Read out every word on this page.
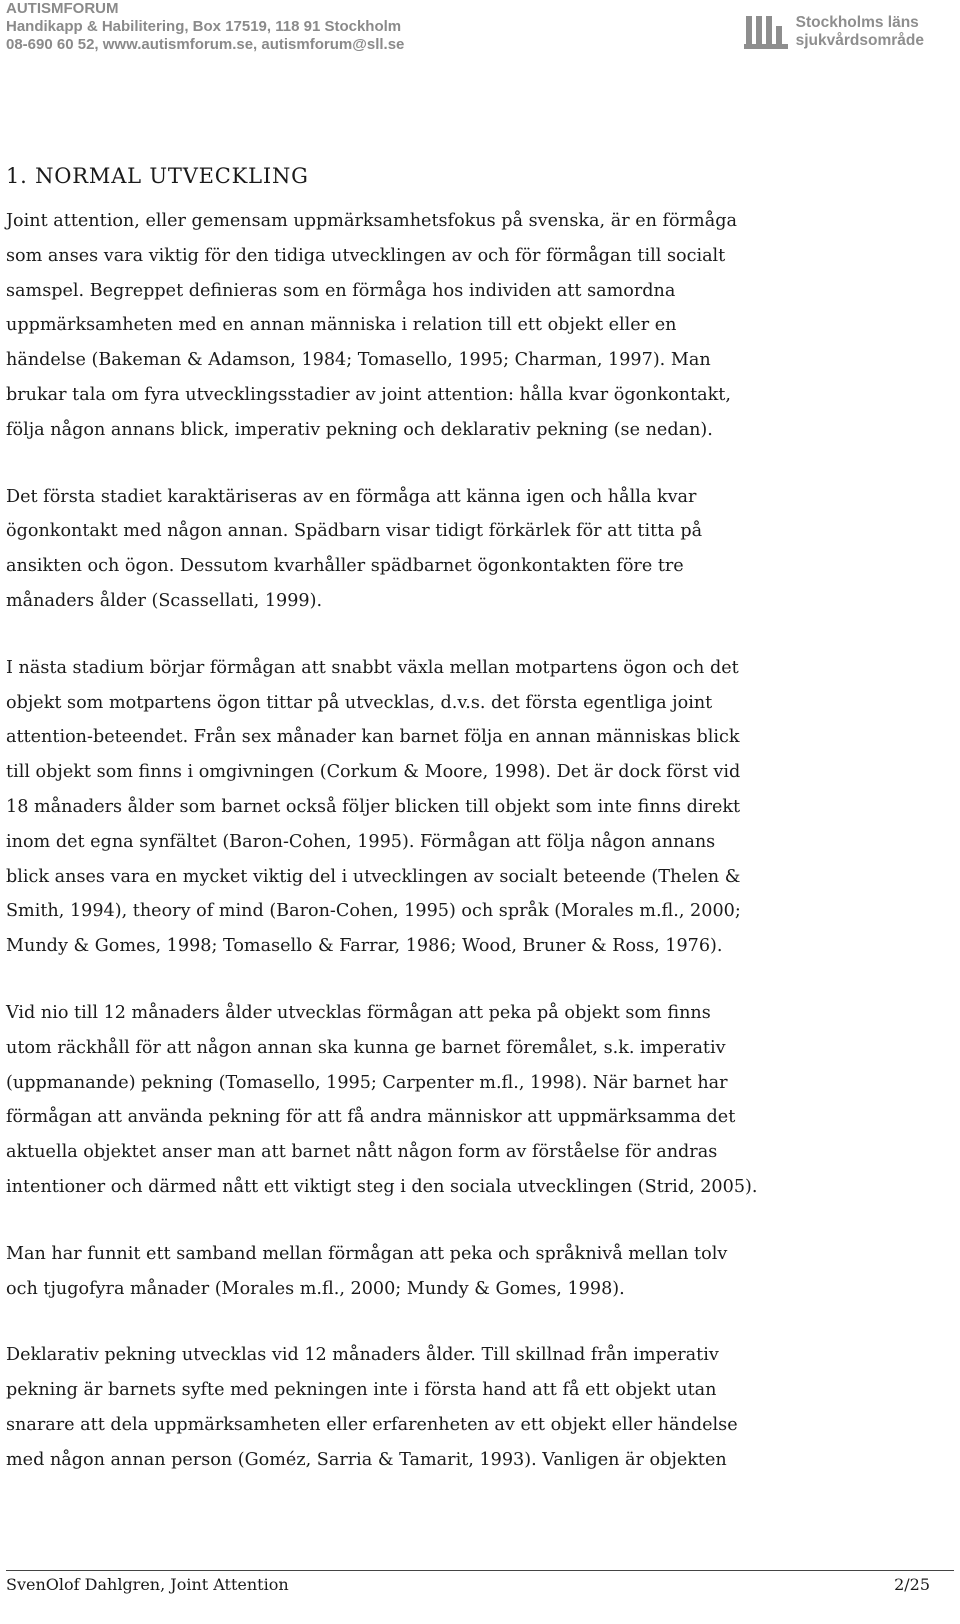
AUTISMFORUM
Handikapp & Habilitering, Box 17519, 118 91 Stockholm
08-690 60 52, www.autismforum.se, autismforum@sll.se
Stockholms läns
sjukvårdsområde
1. NORMAL UTVECKLING
Joint attention, eller gemensam uppmärksamhetsfokus på svenska, är en förmåga
som anses vara viktig för den tidiga utvecklingen av och för förmågan till socialt
samspel. Begreppet definieras som en förmåga hos individen att samordna
uppmärksamheten med en annan människa i relation till ett objekt eller en
händelse (Bakeman & Adamson, 1984; Tomasello, 1995; Charman, 1997). Man
brukar tala om fyra utvecklingsstadier av joint attention: hålla kvar ögonkontakt,
följa någon annans blick, imperativ pekning och deklarativ pekning (se nedan).
Det första stadiet karaktäriseras av en förmåga att känna igen och hålla kvar
ögonkontakt med någon annan. Spädbarn visar tidigt förkärlek för att titta på
ansikten och ögon. Dessutom kvarhåller spädbarnet ögonkontakten före tre
månaders ålder (Scassellati, 1999).
I nästa stadium börjar förmågan att snabbt växla mellan motpartens ögon och det
objekt som motpartens ögon tittar på utvecklas, d.v.s. det första egentliga joint
attention-beteendet. Från sex månader kan barnet följa en annan människas blick
till objekt som finns i omgivningen (Corkum & Moore, 1998). Det är dock först vid
18 månaders ålder som barnet också följer blicken till objekt som inte finns direkt
inom det egna synfältet (Baron-Cohen, 1995). Förmågan att följa någon annans
blick anses vara en mycket viktig del i utvecklingen av socialt beteende (Thelen &
Smith, 1994), theory of mind (Baron-Cohen, 1995) och språk (Morales m.fl., 2000;
Mundy & Gomes, 1998; Tomasello & Farrar, 1986; Wood, Bruner & Ross, 1976).
Vid nio till 12 månaders ålder utvecklas förmågan att peka på objekt som finns
utom räckhåll för att någon annan ska kunna ge barnet föremålet, s.k. imperativ
(uppmanande) pekning (Tomasello, 1995; Carpenter m.fl., 1998). När barnet har
förmågan att använda pekning för att få andra människor att uppmärksamma det
aktuella objektet anser man att barnet nått någon form av förståelse för andras
intentioner och därmed nått ett viktigt steg i den sociala utvecklingen (Strid, 2005).
Man har funnit ett samband mellan förmågan att peka och språknivå mellan tolv
och tjugofyra månader (Morales m.fl., 2000; Mundy & Gomes, 1998).
Deklarativ pekning utvecklas vid 12 månaders ålder. Till skillnad från imperativ
pekning är barnets syfte med pekningen inte i första hand att få ett objekt utan
snarare att dela uppmärksamheten eller erfarenheten av ett objekt eller händelse
med någon annan person (Goméz, Sarria & Tamarit, 1993). Vanligen är objekten
SvenOlof Dahlgren, Joint Attention	2/25
